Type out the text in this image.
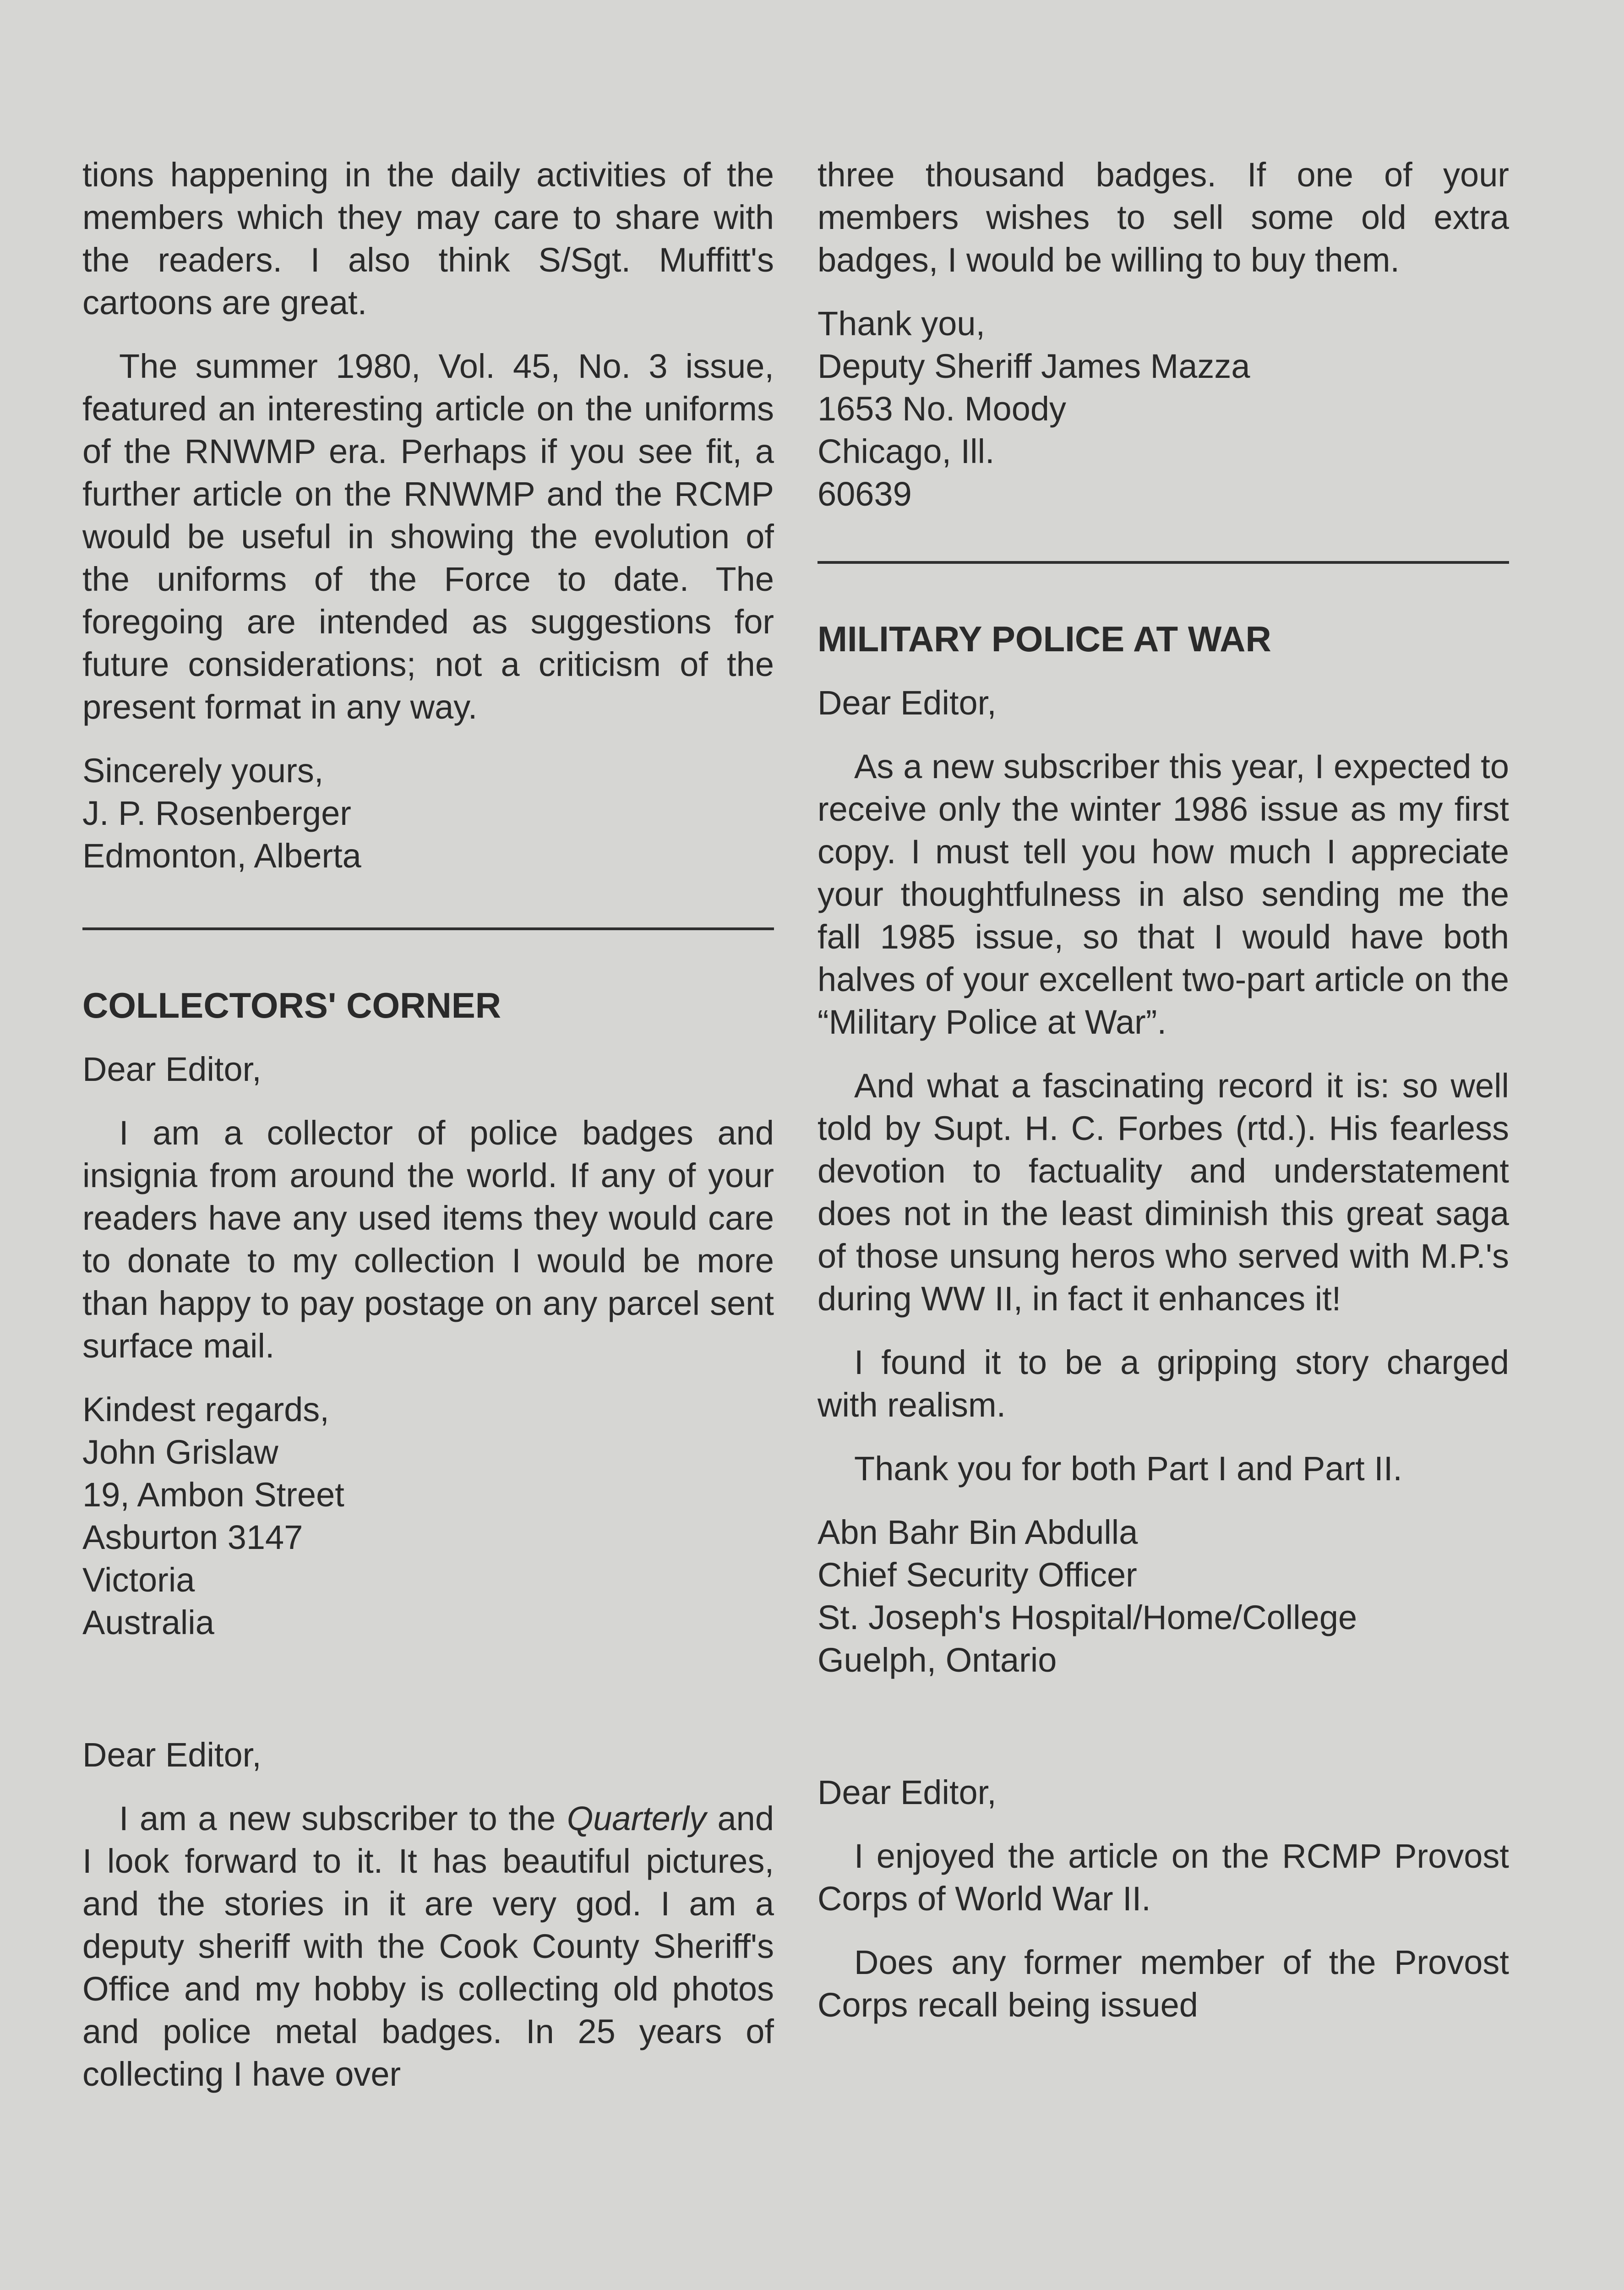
tions happening in the daily activities of the members which they may care to share with the readers. I also think S/Sgt. Muffitt's cartoons are great.

The summer 1980, Vol. 45, No. 3 issue, featured an interesting article on the uniforms of the RNWMP era. Perhaps if you see fit, a further article on the RNWMP and the RCMP would be useful in showing the evolution of the uniforms of the Force to date. The foregoing are intended as suggestions for future considerations; not a criticism of the present format in any way.

Sincerely yours,
J. P. Rosenberger
Edmonton, Alberta
COLLECTORS' CORNER
Dear Editor,

I am a collector of police badges and insignia from around the world. If any of your readers have any used items they would care to donate to my collection I would be more than happy to pay postage on any parcel sent surface mail.

Kindest regards,
John Grislaw
19, Ambon Street
Asburton 3147
Victoria
Australia
Dear Editor,

I am a new subscriber to the Quarterly and I look forward to it. It has beautiful pictures, and the stories in it are very god. I am a deputy sheriff with the Cook County Sheriff's Office and my hobby is collecting old photos and police metal badges. In 25 years of collecting I have over

three thousand badges. If one of your members wishes to sell some old extra badges, I would be willing to buy them.

Thank you,
Deputy Sheriff James Mazza
1653 No. Moody
Chicago, Ill.
60639
MILITARY POLICE AT WAR
Dear Editor,

As a new subscriber this year, I expected to receive only the winter 1986 issue as my first copy. I must tell you how much I appreciate your thoughtfulness in also sending me the fall 1985 issue, so that I would have both halves of your excellent two-part article on the “Military Police at War”.

And what a fascinating record it is: so well told by Supt. H. C. Forbes (rtd.). His fearless devotion to factuality and understatement does not in the least diminish this great saga of those unsung heros who served with M.P.'s during WW II, in fact it enhances it!

I found it to be a gripping story charged with realism.

Thank you for both Part I and Part II.

Abn Bahr Bin Abdulla
Chief Security Officer
St. Joseph's Hospital/Home/College
Guelph, Ontario
Dear Editor,

I enjoyed the article on the RCMP Provost Corps of World War II.

Does any former member of the Provost Corps recall being issued
